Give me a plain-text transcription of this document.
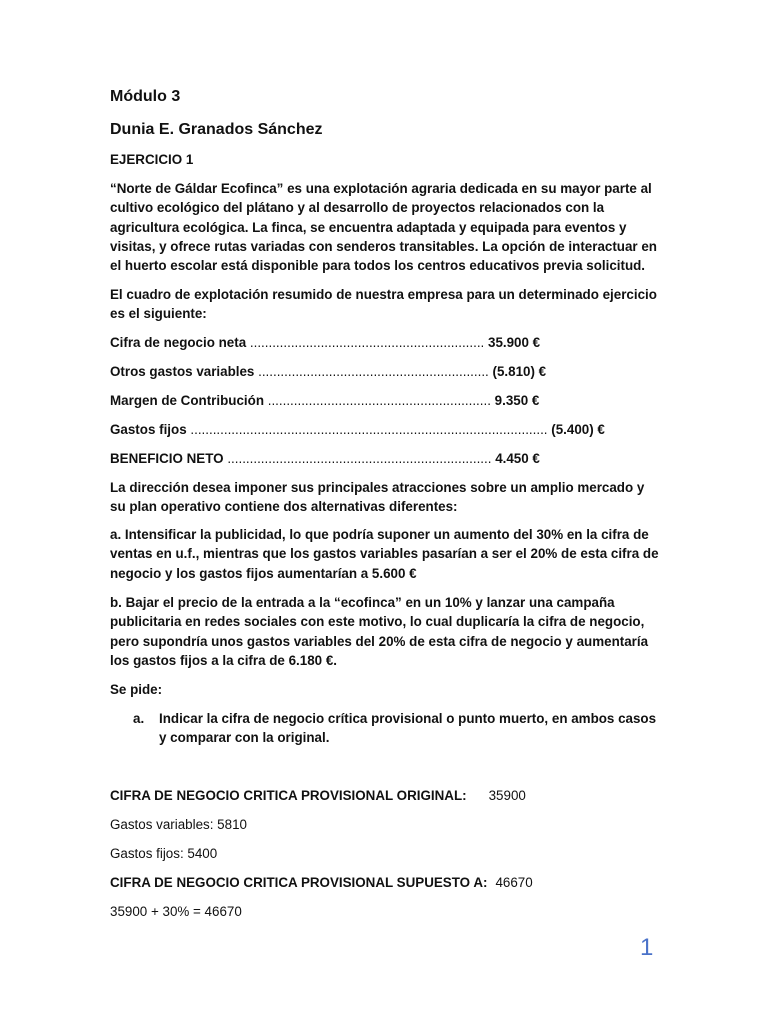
Módulo 3
Dunia E. Granados Sánchez
EJERCICIO 1
“Norte de Gáldar Ecofinca” es una explotación agraria dedicada en su mayor parte al cultivo ecológico del plátano y al desarrollo de proyectos relacionados con la agricultura ecológica. La finca, se encuentra adaptada y equipada para eventos y visitas, y ofrece rutas variadas con senderos transitables. La opción de interactuar en el huerto escolar está disponible para todos los centros educativos previa solicitud.
El cuadro de explotación resumido de nuestra empresa para un determinado ejercicio es el siguiente:
Cifra de negocio neta ............................................................... 35.900 €
Otros gastos variables .............................................................. (5.810) €
Margen de Contribución ............................................................ 9.350 €
Gastos fijos ................................................................................................ (5.400) €
BENEFICIO NETO ....................................................................... 4.450 €
La dirección desea imponer sus principales atracciones sobre un amplio mercado y su plan operativo contiene dos alternativas diferentes:
a. Intensificar la publicidad, lo que podría suponer un aumento del 30% en la cifra de ventas en u.f., mientras que los gastos variables pasarían a ser el 20% de esta cifra de negocio y los gastos fijos aumentarían a 5.600 €
b. Bajar el precio de la entrada a la “ecofinca” en un 10% y lanzar una campaña publicitaria en redes sociales con este motivo, lo cual duplicaría la cifra de negocio, pero supondría unos gastos variables del 20% de esta cifra de negocio y aumentaría los gastos fijos a la cifra de 6.180 €.
Se pide:
a.	Indicar la cifra de negocio crítica provisional o punto muerto, en ambos casos y comparar con la original.
CIFRA DE NEGOCIO CRITICA PROVISIONAL ORIGINAL: 35900
Gastos variables: 5810
Gastos fijos: 5400
CIFRA DE NEGOCIO CRITICA PROVISIONAL SUPUESTO A: 46670
35900 + 30% = 46670
1
